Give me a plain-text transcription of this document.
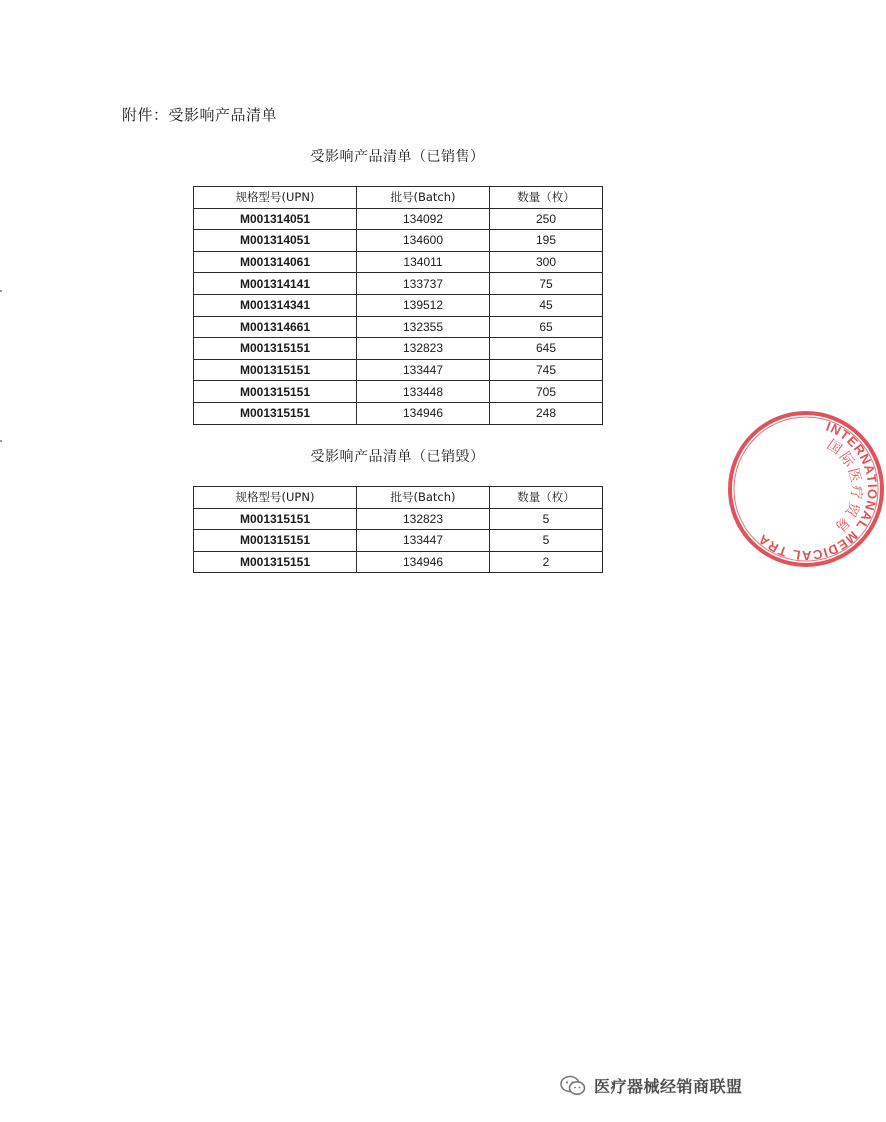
附件：受影响产品清单
受影响产品清单（已销售）
规格型号(UPN)	批号(Batch)	数量（枚）
M001314051	134092	250
M001314051	134600	195
M001314061	134011	300
M001314141	133737	75
M001314341	139512	45
M001314661	132355	65
M001315151	132823	645
M001315151	133447	745
M001315151	133448	705
M001315151	134946	248
受影响产品清单（已销毁）
规格型号(UPN)	批号(Batch)	数量（枚）
M001315151	132823	5
M001315151	133447	5
M001315151	134946	2
INTERNATIONAL MEDICAL TRA
国际医疗贸易
医疗器械经销商联盟
